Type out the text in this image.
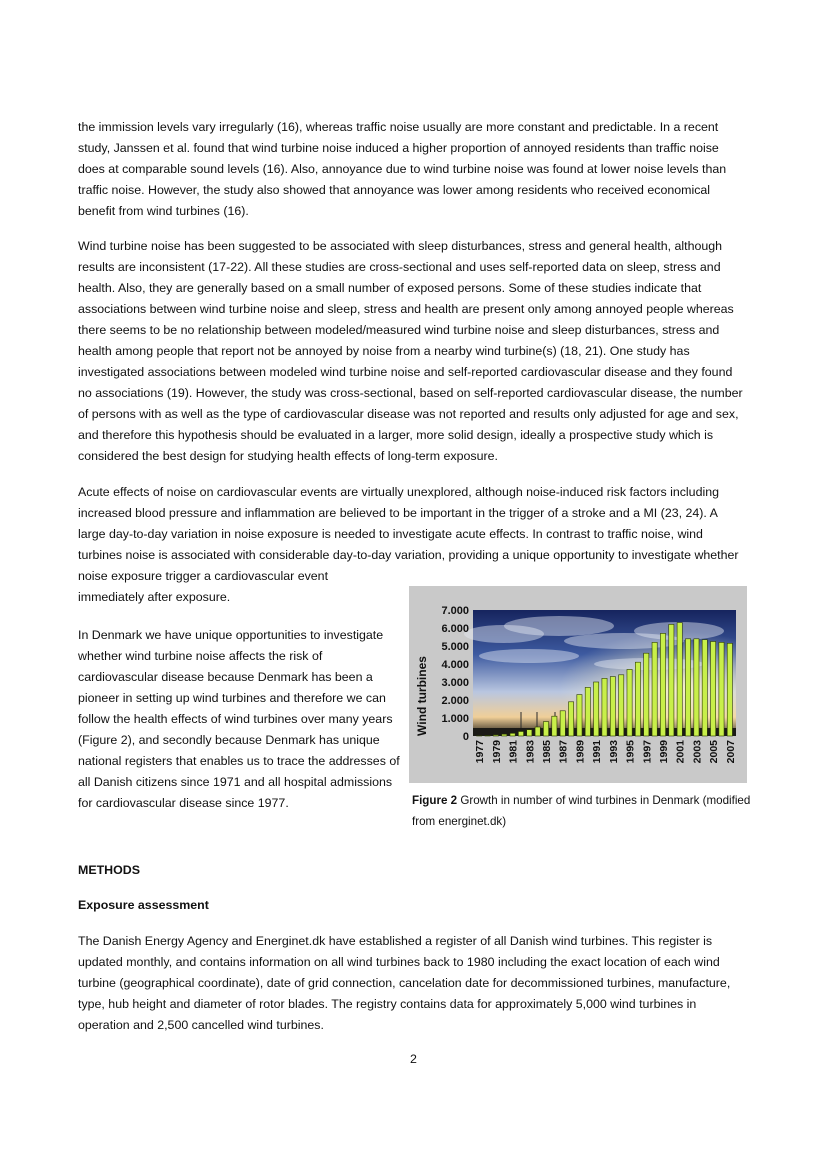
the immission levels vary irregularly (16), whereas traffic noise usually are more constant and predictable. In a recent study, Janssen et al. found that wind turbine noise induced a higher proportion of annoyed residents than traffic noise does at comparable sound levels (16). Also, annoyance due to wind turbine noise was found at lower noise levels than traffic noise. However, the study also showed that annoyance was lower among residents who received economical benefit from wind turbines (16).

Wind turbine noise has been suggested to be associated with sleep disturbances, stress and general health, although results are inconsistent (17-22). All these studies are cross-sectional and uses self-reported data on sleep, stress and health. Also, they are generally based on a small number of exposed persons. Some of these studies indicate that associations between wind turbine noise and sleep, stress and health are present only among annoyed people whereas there seems to be no relationship between modeled/measured wind turbine noise and sleep disturbances, stress and health among people that report not be annoyed by noise from a nearby wind turbine(s) (18, 21). One study has investigated associations between modeled wind turbine noise and self-reported cardiovascular disease and they found no associations (19). However, the study was cross-sectional, based on self-reported cardiovascular disease, the number of persons with as well as the type of cardiovascular disease was not reported and results only adjusted for age and sex, and therefore this hypothesis should be evaluated in a larger, more solid design, ideally a prospective study which is considered the best design for studying health effects of long-term exposure.

Acute effects of noise on cardiovascular events are virtually unexplored, although noise-induced risk factors including increased blood pressure and inflammation are believed to be important in the trigger of a stroke and a MI (23, 24). A large day-to-day variation in noise exposure is needed to investigate acute effects. In contrast to traffic noise, wind turbines noise is associated with considerable day-to-day variation, providing a unique opportunity to investigate whether

noise exposure trigger a cardiovascular event immediately after exposure.

In Denmark we have unique opportunities to investigate whether wind turbine noise affects the risk of cardiovascular disease because Denmark has been a pioneer in setting up wind turbines and therefore we can follow the health effects of wind turbines over many years (Figure 2), and secondly because Denmark has unique national registers that enables us to trace the addresses of all Danish citizens since 1971 and all hospital admissions for cardiovascular disease since 1977.

0
1.000
2.000
3.000
4.000
5.000
6.000
7.000
1977 1979 1981 1983 1985 1987 1989 1991 1993 1995 1997 1999 2001 2003 2005 2007
Wind turbines

Figure 2 Growth in number of wind turbines in Denmark (modified from energinet.dk)

METHODS
Exposure assessment

The Danish Energy Agency and Energinet.dk have established a register of all Danish wind turbines. This register is updated monthly, and contains information on all wind turbines back to 1980 including the exact location of each wind turbine (geographical coordinate), date of grid connection, cancelation date for decommissioned turbines, manufacture, type, hub height and diameter of rotor blades. The registry contains data for approximately 5,000 wind turbines in operation and 2,500 cancelled wind turbines.

2
